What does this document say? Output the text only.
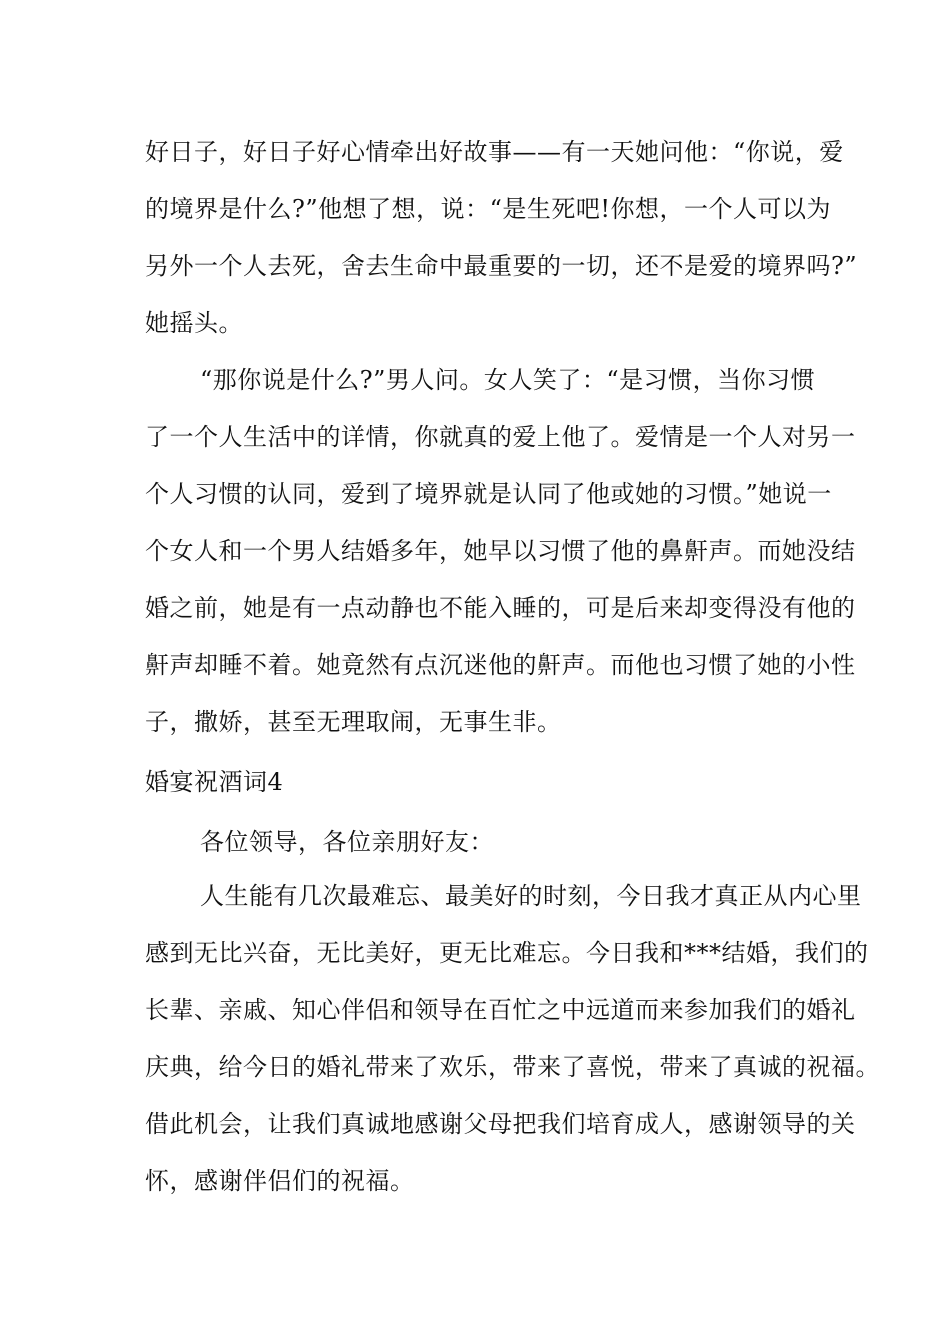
好日子，好日子好心情牵出好故事——有一天她问他：“你说，爱
的境界是什么?”他想了想，说：“是生死吧!你想，一个人可以为
另外一个人去死，舍去生命中最重要的一切，还不是爱的境界吗?”
她摇头。
“那你说是什么?”男人问。女人笑了：“是习惯，当你习惯
了一个人生活中的详情，你就真的爱上他了。爱情是一个人对另一
个人习惯的认同，爱到了境界就是认同了他或她的习惯。”她说一
个女人和一个男人结婚多年，她早以习惯了他的鼻鼾声。而她没结
婚之前，她是有一点动静也不能入睡的，可是后来却变得没有他的
鼾声却睡不着。她竟然有点沉迷他的鼾声。而他也习惯了她的小性
子，撒娇，甚至无理取闹，无事生非。
婚宴祝酒词4
各位领导，各位亲朋好友：
人生能有几次最难忘、最美好的时刻，今日我才真正从内心里
感到无比兴奋，无比美好，更无比难忘。今日我和***结婚，我们的
长辈、亲戚、知心伴侣和领导在百忙之中远道而来参加我们的婚礼
庆典，给今日的婚礼带来了欢乐，带来了喜悦，带来了真诚的祝福。
借此机会，让我们真诚地感谢父母把我们培育成人，感谢领导的关
怀，感谢伴侣们的祝福。
